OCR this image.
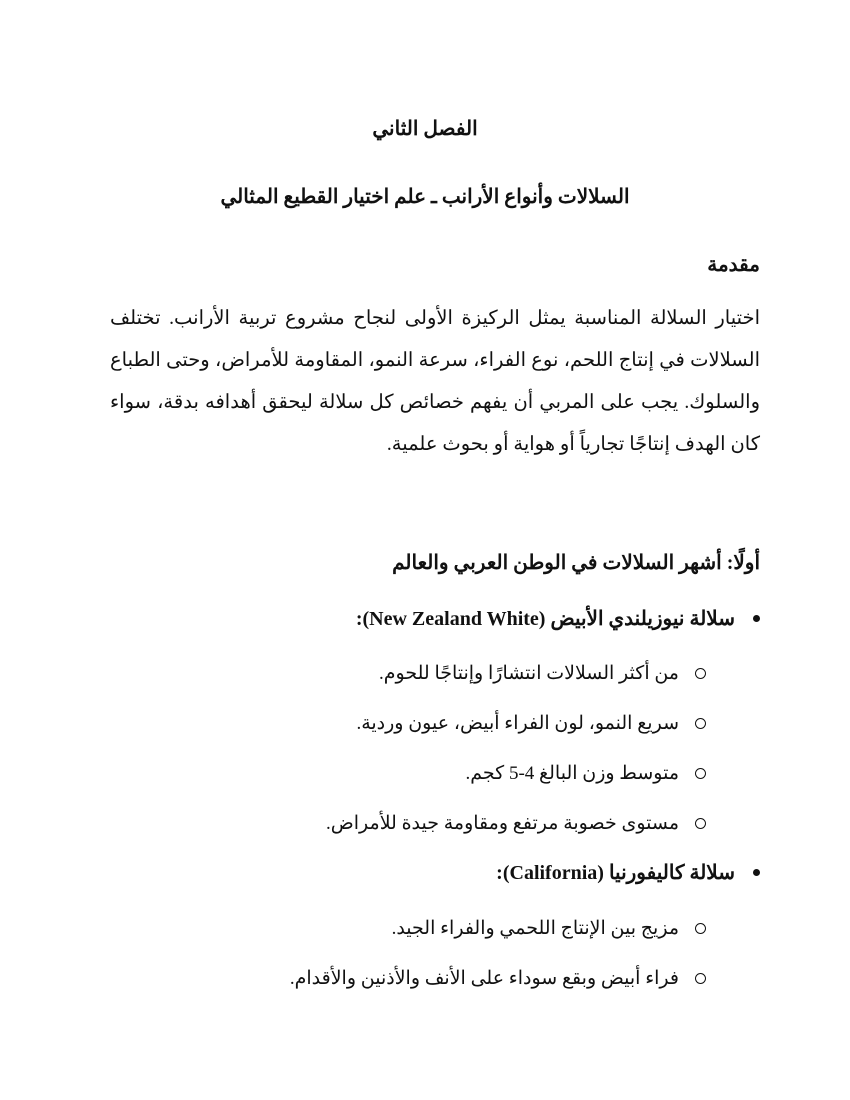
الفصل الثاني
السلالات وأنواع الأرانب ـ علم اختيار القطيع المثالي
مقدمة

اختيار السلالة المناسبة يمثل الركيزة الأولى لنجاح مشروع تربية الأرانب. تختلف السلالات في إنتاج اللحم، نوع الفراء، سرعة النمو، المقاومة للأمراض، وحتى الطباع والسلوك. يجب على المربي أن يفهم خصائص كل سلالة ليحقق أهدافه بدقة، سواء كان الهدف إنتاجًا تجارياً أو هواية أو بحوث علمية.

أولًا: أشهر السلالات في الوطن العربي والعالم
سلالة نيوزيلندي الأبيض (New Zealand White):
من أكثر السلالات انتشارًا وإنتاجًا للحوم.
سريع النمو، لون الفراء أبيض، عيون وردية.
متوسط وزن البالغ 4-5 كجم.
مستوى خصوبة مرتفع ومقاومة جيدة للأمراض.
سلالة كاليفورنيا (California):
مزيج بين الإنتاج اللحمي والفراء الجيد.
فراء أبيض وبقع سوداء على الأنف والأذنين والأقدام.
